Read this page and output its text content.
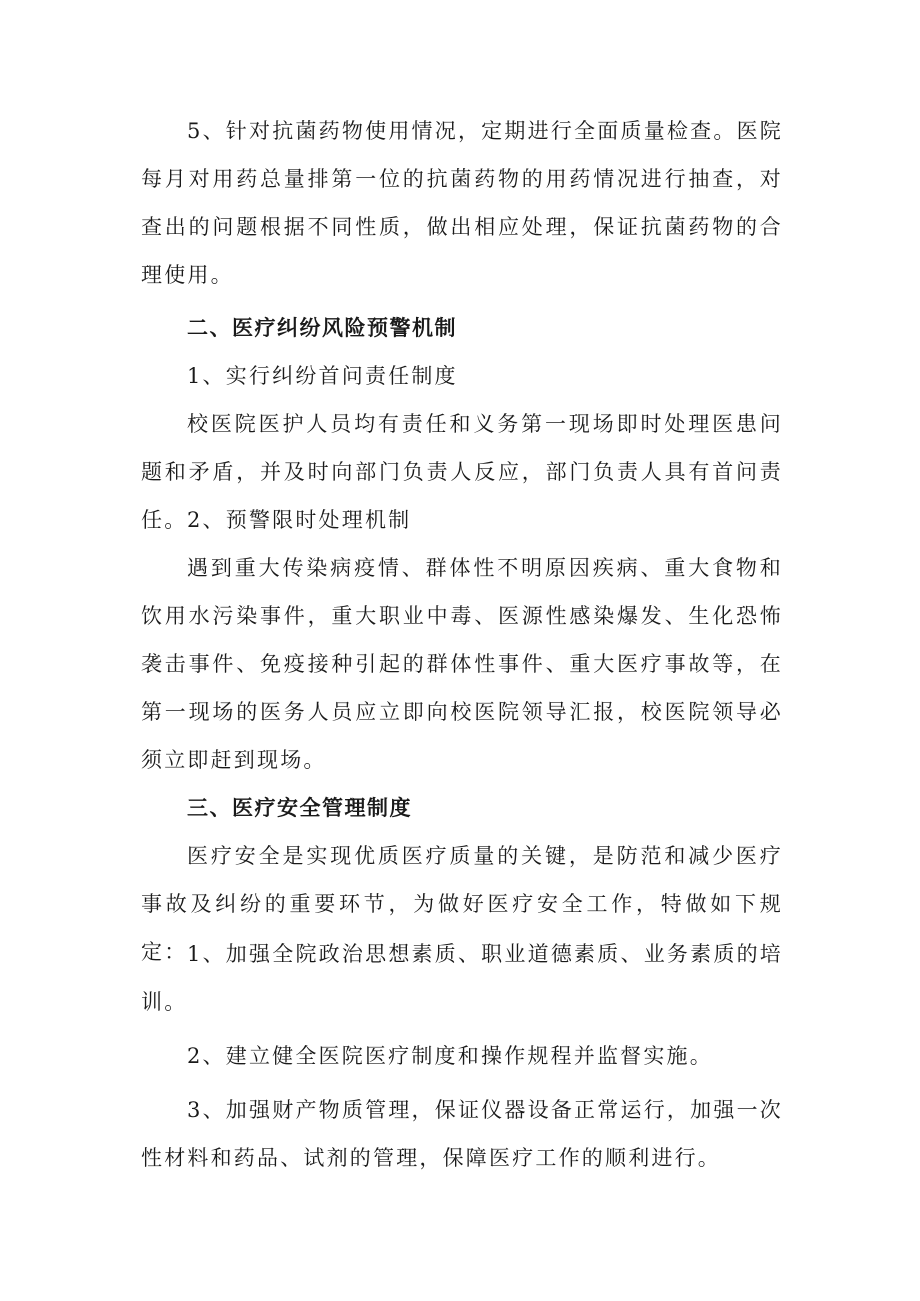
5、针对抗菌药物使用情况，定期进行全面质量检查。医院每月对用药总量排第一位的抗菌药物的用药情况进行抽查，对查出的问题根据不同性质，做出相应处理，保证抗菌药物的合理使用。

二、医疗纠纷风险预警机制

1、实行纠纷首问责任制度

校医院医护人员均有责任和义务第一现场即时处理医患问题和矛盾，并及时向部门负责人反应，部门负责人具有首问责任。 2、预警限时处理机制

遇到重大传染病疫情、群体性不明原因疾病、重大食物和饮用水污染事件，重大职业中毒、医源性感染爆发、生化恐怖袭击事件、免疫接种引起的群体性事件、重大医疗事故等，在第一现场的医务人员应立即向校医院领导汇报，校医院领导必须立即赶到现场。

三、医疗安全管理制度

医疗安全是实现优质医疗质量的关键，是防范和减少医疗事故及纠纷的重要环节，为做好医疗安全工作，特做如下规定： 1、加强全院政治思想素质、职业道德素质、业务素质的培训。

2、建立健全医院医疗制度和操作规程并监督实施。

3、加强财产物质管理，保证仪器设备正常运行，加强一次性材料和药品、试剂的管理，保障医疗工作的顺利进行。
